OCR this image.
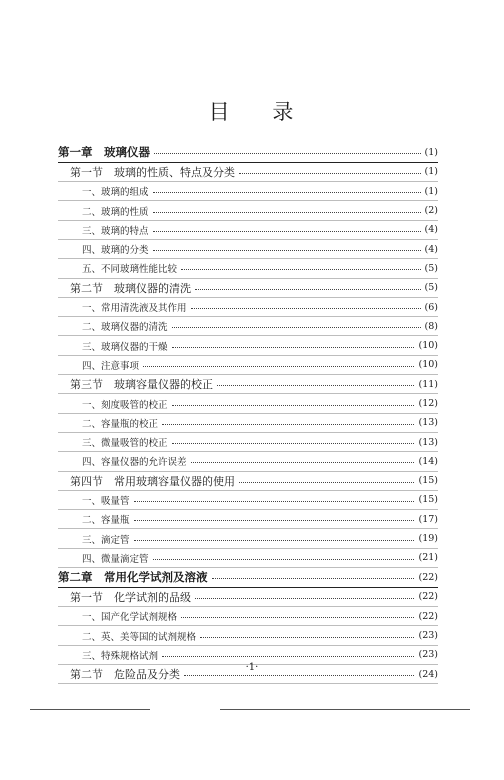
目 录
第一章　玻璃仪器	(1)
第一节　玻璃的性质、特点及分类	(1)
一、玻璃的组成	(1)
二、玻璃的性质	(2)
三、玻璃的特点	(4)
四、玻璃的分类	(4)
五、不同玻璃性能比较	(5)
第二节　玻璃仪器的清洗	(5)
一、常用清洗液及其作用	(6)
二、玻璃仪器的清洗	(8)
三、玻璃仪器的干燥	(10)
四、注意事项	(10)
第三节　玻璃容量仪器的校正	(11)
一、刻度吸管的校正	(12)
二、容量瓶的校正	(13)
三、微量吸管的校正	(13)
四、容量仪器的允许误差	(14)
第四节　常用玻璃容量仪器的使用	(15)
一、吸量管	(15)
二、容量瓶	(17)
三、滴定管	(19)
四、微量滴定管	(21)
第二章　常用化学试剂及溶液	(22)
第一节　化学试剂的品级	(22)
一、国产化学试剂规格	(22)
二、英、美等国的试剂规格	(23)
三、特殊规格试剂	(23)
第二节　危险品及分类	(24)
·1·
